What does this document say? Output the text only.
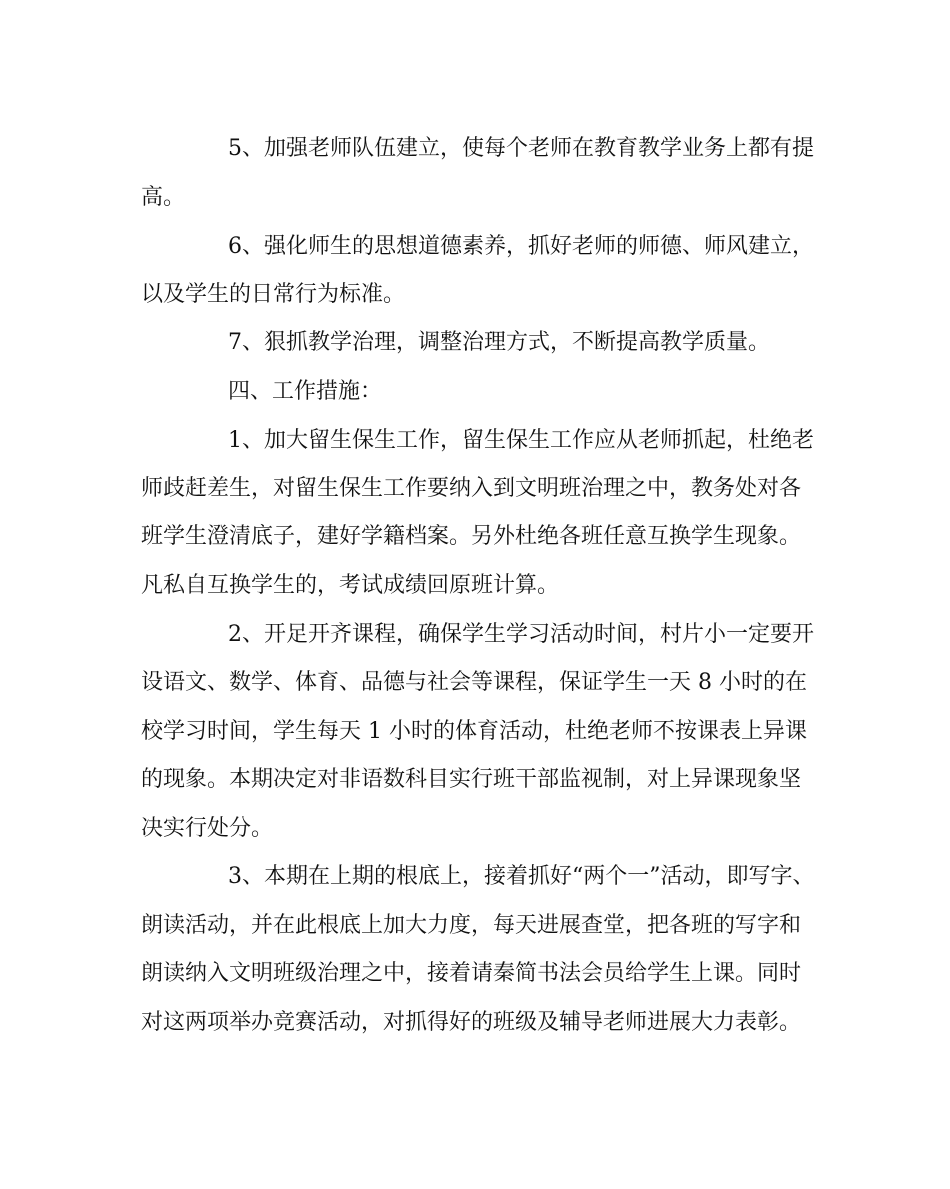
5、加强老师队伍建立，使每个老师在教育教学业务上都有提

高。

6、强化师生的思想道德素养，抓好老师的师德、师风建立，

以及学生的日常行为标准。

7、狠抓教学治理，调整治理方式，不断提高教学质量。

四、工作措施：

1、加大留生保生工作，留生保生工作应从老师抓起，杜绝老

师歧赶差生，对留生保生工作要纳入到文明班治理之中，教务处对各

班学生澄清底子，建好学籍档案。另外杜绝各班任意互换学生现象。

凡私自互换学生的，考试成绩回原班计算。

2、开足开齐课程，确保学生学习活动时间，村片小一定要开

设语文、数学、体育、品德与社会等课程，保证学生一天 8 小时的在

校学习时间，学生每天 1 小时的体育活动，杜绝老师不按课表上异课

的现象。本期决定对非语数科目实行班干部监视制，对上异课现象坚

决实行处分。

3、本期在上期的根底上，接着抓好“两个一”活动，即写字、

朗读活动，并在此根底上加大力度，每天进展查堂，把各班的写字和

朗读纳入文明班级治理之中，接着请秦简书法会员给学生上课。同时

对这两项举办竞赛活动，对抓得好的班级及辅导老师进展大力表彰。
